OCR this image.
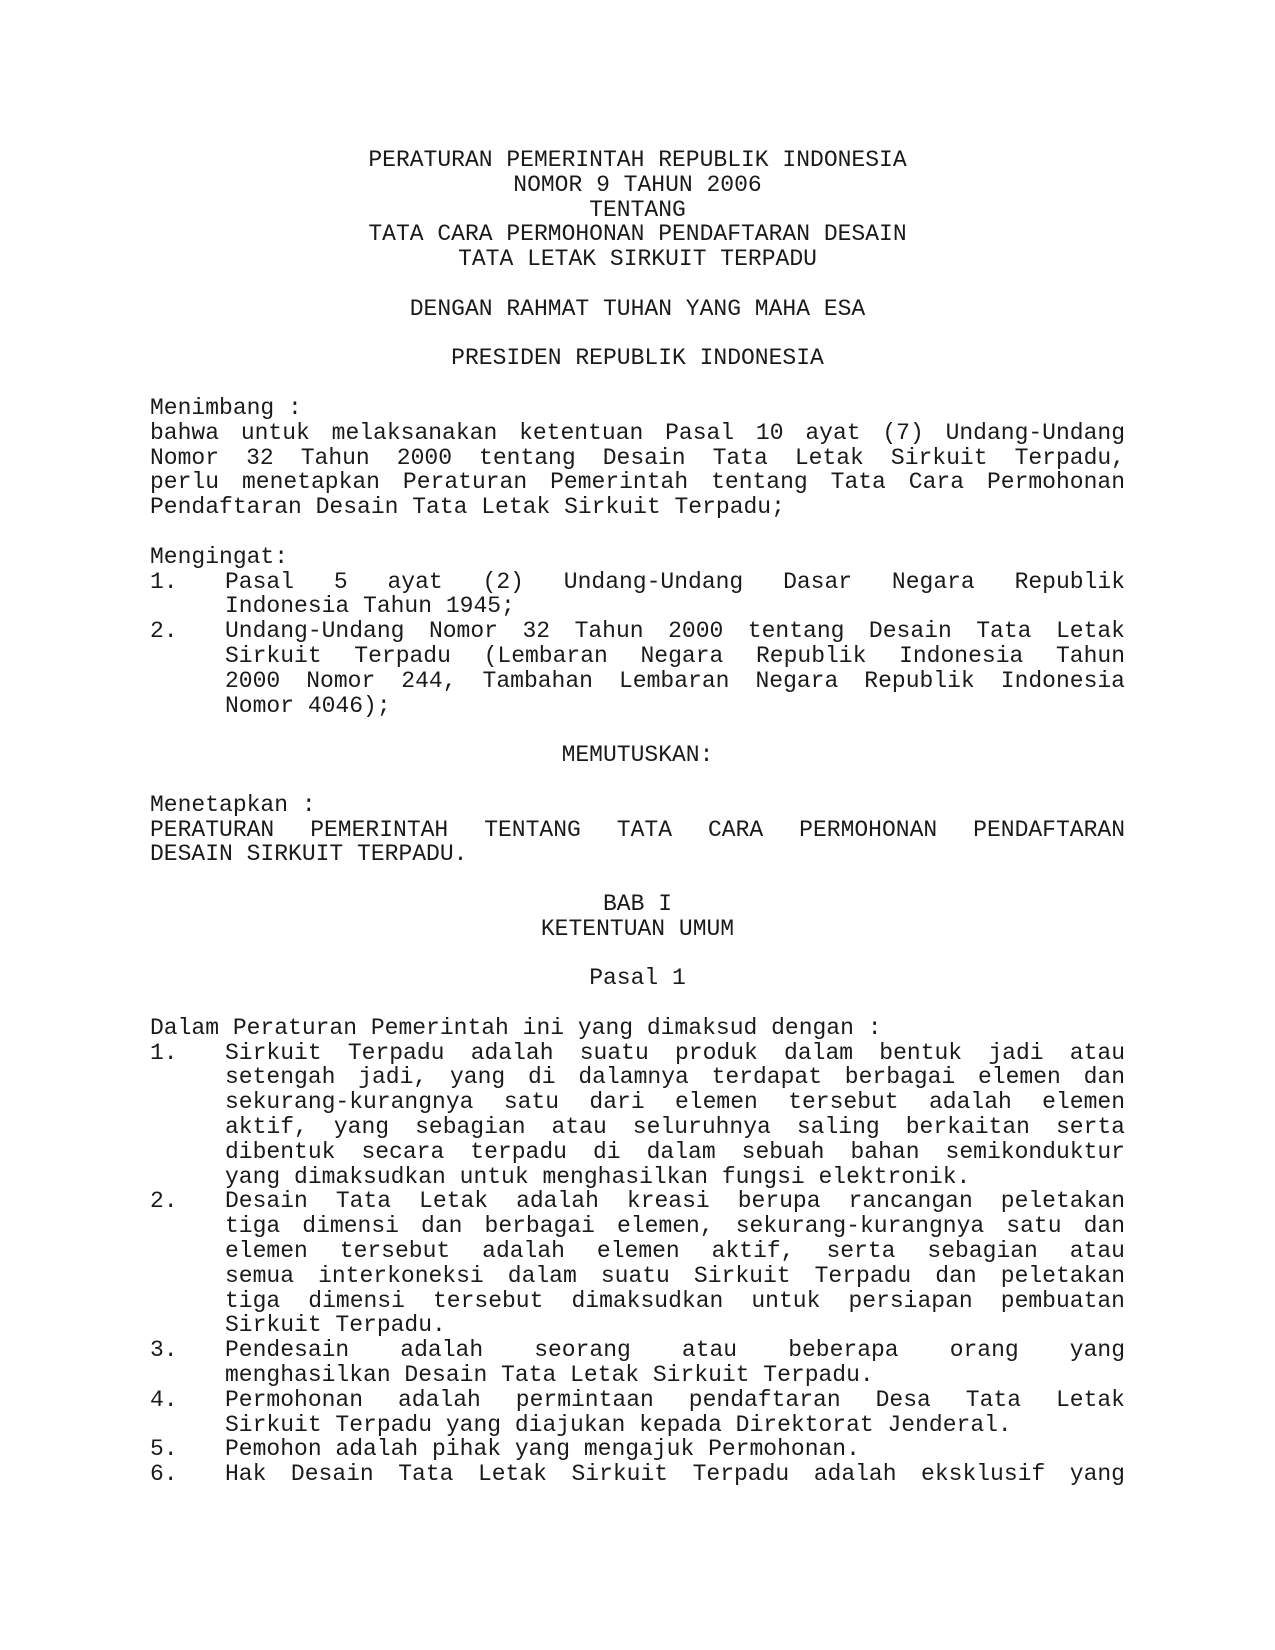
PERATURAN PEMERINTAH REPUBLIK INDONESIA
NOMOR 9 TAHUN 2006
TENTANG
TATA CARA PERMOHONAN PENDAFTARAN DESAIN
TATA LETAK SIRKUIT TERPADU
DENGAN RAHMAT TUHAN YANG MAHA ESA
PRESIDEN REPUBLIK INDONESIA
Menimbang :
bahwa untuk melaksanakan ketentuan Pasal 10 ayat (7) Undang-Undang
Nomor 32 Tahun 2000 tentang Desain Tata Letak Sirkuit Terpadu,
perlu menetapkan Peraturan Pemerintah tentang Tata Cara Permohonan
Pendaftaran Desain Tata Letak Sirkuit Terpadu;
Mengingat:
1.	Pasal 5 ayat (2) Undang-Undang Dasar Negara Republik
Indonesia Tahun 1945;
2.	Undang-Undang Nomor 32 Tahun 2000 tentang Desain Tata Letak
Sirkuit Terpadu (Lembaran Negara Republik Indonesia Tahun
2000 Nomor 244, Tambahan Lembaran Negara Republik Indonesia
Nomor 4046);
MEMUTUSKAN:
Menetapkan :
PERATURAN PEMERINTAH TENTANG TATA CARA PERMOHONAN PENDAFTARAN
DESAIN SIRKUIT TERPADU.
BAB I
KETENTUAN UMUM
Pasal 1
Dalam Peraturan Pemerintah ini yang dimaksud dengan :
1.	Sirkuit Terpadu adalah suatu produk dalam bentuk jadi atau
setengah jadi, yang di dalamnya terdapat berbagai elemen dan
sekurang-kurangnya satu dari elemen tersebut adalah elemen
aktif, yang sebagian atau seluruhnya saling berkaitan serta
dibentuk secara terpadu di dalam sebuah bahan semikonduktur
yang dimaksudkan untuk menghasilkan fungsi elektronik.
2.	Desain Tata Letak adalah kreasi berupa rancangan peletakan
tiga dimensi dan berbagai elemen, sekurang-kurangnya satu dan
elemen tersebut adalah elemen aktif, serta sebagian atau
semua interkoneksi dalam suatu Sirkuit Terpadu dan peletakan
tiga dimensi tersebut dimaksudkan untuk persiapan pembuatan
Sirkuit Terpadu.
3.	Pendesain adalah seorang atau beberapa orang yang
menghasilkan Desain Tata Letak Sirkuit Terpadu.
4.	Permohonan adalah permintaan pendaftaran Desa Tata Letak
Sirkuit Terpadu yang diajukan kepada Direktorat Jenderal.
5.	Pemohon adalah pihak yang mengajuk Permohonan.
6.	Hak Desain Tata Letak Sirkuit Terpadu adalah eksklusif yang
